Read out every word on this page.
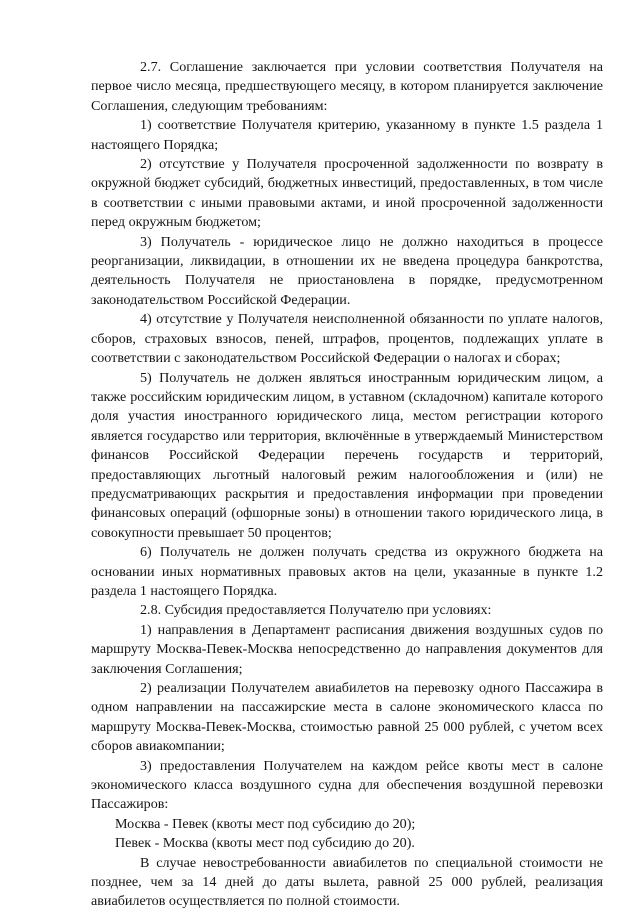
2.7. Соглашение заключается при условии соответствия Получателя на первое число месяца, предшествующего месяцу, в котором планируется заключение Соглашения, следующим требованиям:

1) соответствие Получателя критерию, указанному в пункте 1.5 раздела 1 настоящего Порядка;

2) отсутствие у Получателя просроченной задолженности по возврату в окружной бюджет субсидий, бюджетных инвестиций, предоставленных, в том числе в соответствии с иными правовыми актами, и иной просроченной задолженности перед окружным бюджетом;

3) Получатель - юридическое лицо не должно находиться в процессе реорганизации, ликвидации, в отношении их не введена процедура банкротства, деятельность Получателя не приостановлена в порядке, предусмотренном законодательством Российской Федерации.

4) отсутствие у Получателя неисполненной обязанности по уплате налогов, сборов, страховых взносов, пеней, штрафов, процентов, подлежащих уплате в соответствии с законодательством Российской Федерации о налогах и сборах;

5) Получатель не должен являться иностранным юридическим лицом, а также российским юридическим лицом, в уставном (складочном) капитале которого доля участия иностранного юридического лица, местом регистрации которого является государство или территория, включённые в утверждаемый Министерством финансов Российской Федерации перечень государств и территорий, предоставляющих льготный налоговый режим налогообложения и (или) не предусматривающих раскрытия и предоставления информации при проведении финансовых операций (офшорные зоны) в отношении такого юридического лица, в совокупности превышает 50 процентов;

6) Получатель не должен получать средства из окружного бюджета на основании иных нормативных правовых актов на цели, указанные в пункте 1.2 раздела 1 настоящего Порядка.

2.8. Субсидия предоставляется Получателю при условиях:

1) направления в Департамент расписания движения воздушных судов по маршруту Москва-Певек-Москва непосредственно до направления документов для заключения Соглашения;

2) реализации Получателем авиабилетов на перевозку одного Пассажира в одном направлении на пассажирские места в салоне экономического класса по маршруту Москва-Певек-Москва, стоимостью равной 25 000 рублей, с учетом всех сборов авиакомпании;

3) предоставления Получателем на каждом рейсе квоты мест в салоне экономического класса воздушного судна для обеспечения воздушной перевозки Пассажиров:

Москва - Певек (квоты мест под субсидию до 20);

Певек - Москва (квоты мест под субсидию до 20).

В случае невостребованности авиабилетов по специальной стоимости не позднее, чем за 14 дней до даты вылета, равной 25 000 рублей, реализация авиабилетов осуществляется по полной стоимости.
